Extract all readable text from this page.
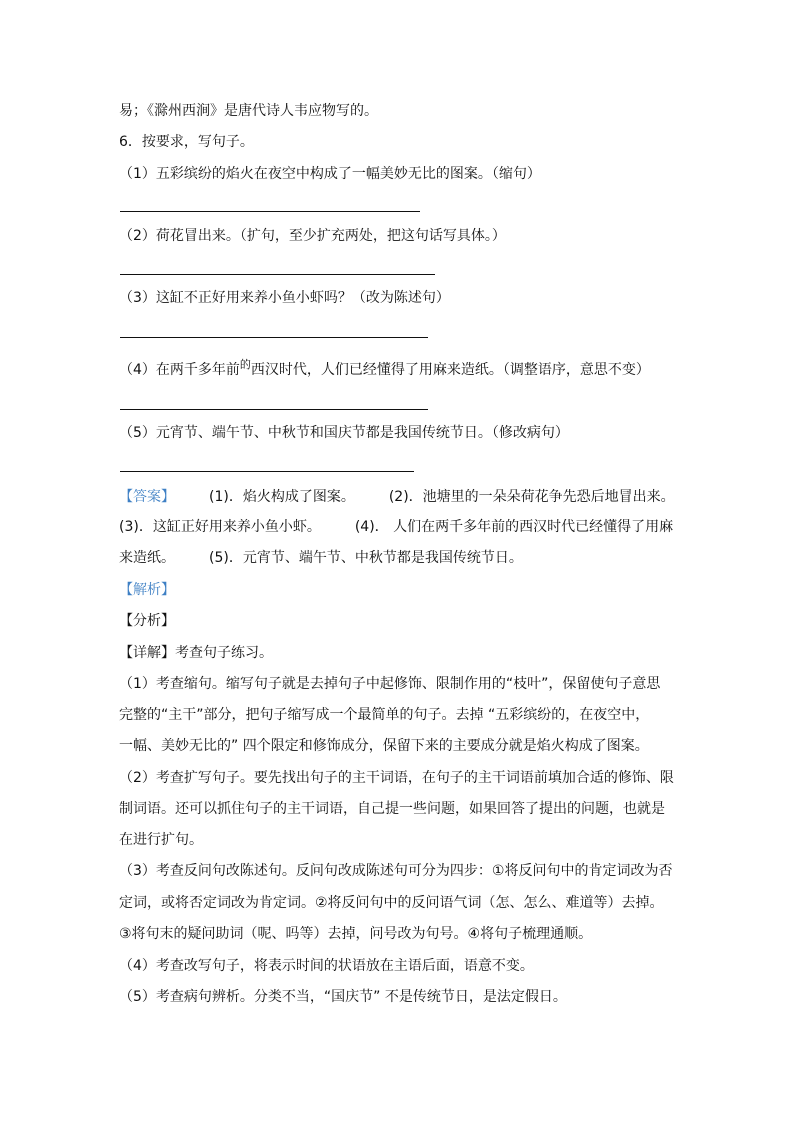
易；《滁州西涧》是唐代诗人韦应物写的。
6．按要求，写句子。
（1）五彩缤纷的焰火在夜空中构成了一幅美妙无比的图案。（缩句）
（2）荷花冒出来。（扩句，至少扩充两处，把这句话写具体。）
（3）这缸不正好用来养小鱼小虾吗？（改为陈述句）
（4）在两千多年前$^的$西汉时代，人们已经懂得了用麻来造纸。（调整语序，意思不变）
（5）元宵节、端午节、中秋节和国庆节都是我国传统节日。（修改病句）
【答案】 (1)．焰火构成了图案。 (2)．池塘里的一朵朵荷花争先恐后地冒出来。
(3)．这缸正好用来养小鱼小虾。 (4)． 人们在两千多年前的西汉时代已经懂得了用麻
来造纸。 (5)．元宵节、端午节、中秋节都是我国传统节日。
【解析】
【分析】
【详解】考查句子练习。
（1）考查缩句。缩写句子就是去掉句子中起修饰、限制作用的“枝叶”，保留使句子意思
完整的“主干”部分，把句子缩写成一个最简单的句子。去掉 “五彩缤纷的，在夜空中，
一幅、美妙无比的” 四个限定和修饰成分，保留下来的主要成分就是焰火构成了图案。
（2）考查扩写句子。要先找出句子的主干词语，在句子的主干词语前填加合适的修饰、限
制词语。还可以抓住句子的主干词语，自己提一些问题，如果回答了提出的问题，也就是
在进行扩句。
（3）考查反问句改陈述句。反问句改成陈述句可分为四步：①将反问句中的肯定词改为否
定词，或将否定词改为肯定词。②将反问句中的反问语气词（怎、怎么、难道等）去掉。
③将句末的疑问助词（呢、吗等）去掉，问号改为句号。④将句子梳理通顺。
（4）考查改写句子，将表示时间的状语放在主语后面，语意不变。
（5）考查病句辨析。分类不当，“国庆节” 不是传统节日，是法定假日。
